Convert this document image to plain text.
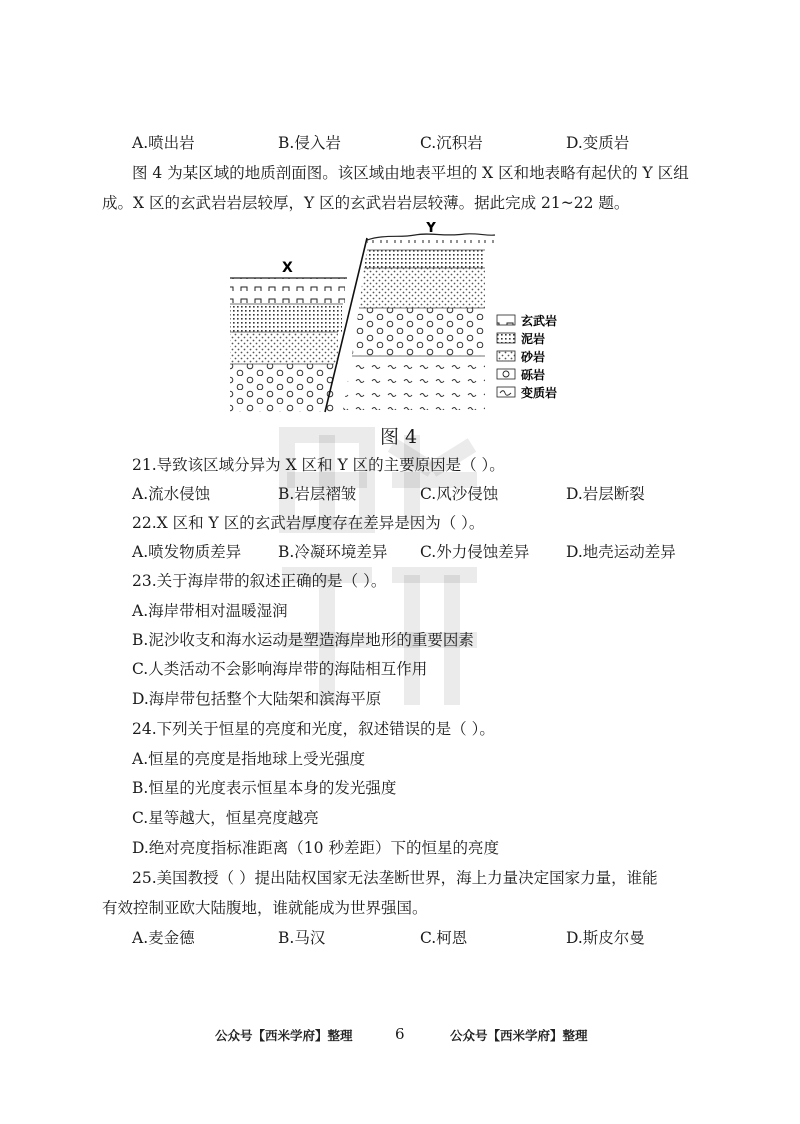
A.喷出岩	B.侵入岩	C.沉积岩	D.变质岩
图 4 为某区域的地质剖面图。该区域由地表平坦的 X 区和地表略有起伏的 Y 区组
成。X 区的玄武岩岩层较厚，Y 区的玄武岩岩层较薄。据此完成 21~22 题。
X
Y
玄武岩
泥岩
砂岩
砾岩
变质岩
图 4
21.导致该区域分异为 X 区和 Y 区的主要原因是（ ）。
A.流水侵蚀	B.岩层褶皱	C.风沙侵蚀	D.岩层断裂
22.X 区和 Y 区的玄武岩厚度存在差异是因为（ ）。
A.喷发物质差异 B.冷凝环境差异 C.外力侵蚀差异 D.地壳运动差异
23.关于海岸带的叙述正确的是（ ）。
A.海岸带相对温暖湿润
B.泥沙收支和海水运动是塑造海岸地形的重要因素
C.人类活动不会影响海岸带的海陆相互作用
D.海岸带包括整个大陆架和滨海平原
24.下列关于恒星的亮度和光度，叙述错误的是（ ）。
A.恒星的亮度是指地球上受光强度
B.恒星的光度表示恒星本身的发光强度
C.星等越大，恒星亮度越亮
D.绝对亮度指标准距离（10 秒差距）下的恒星的亮度
25.美国教授（ ）提出陆权国家无法垄断世界，海上力量决定国家力量，谁能
有效控制亚欧大陆腹地，谁就能成为世界强国。
A.麦金德	B.马汉	C.柯恩	D.斯皮尔曼
公众号【西米学府】整理	6	公众号【西米学府】整理
